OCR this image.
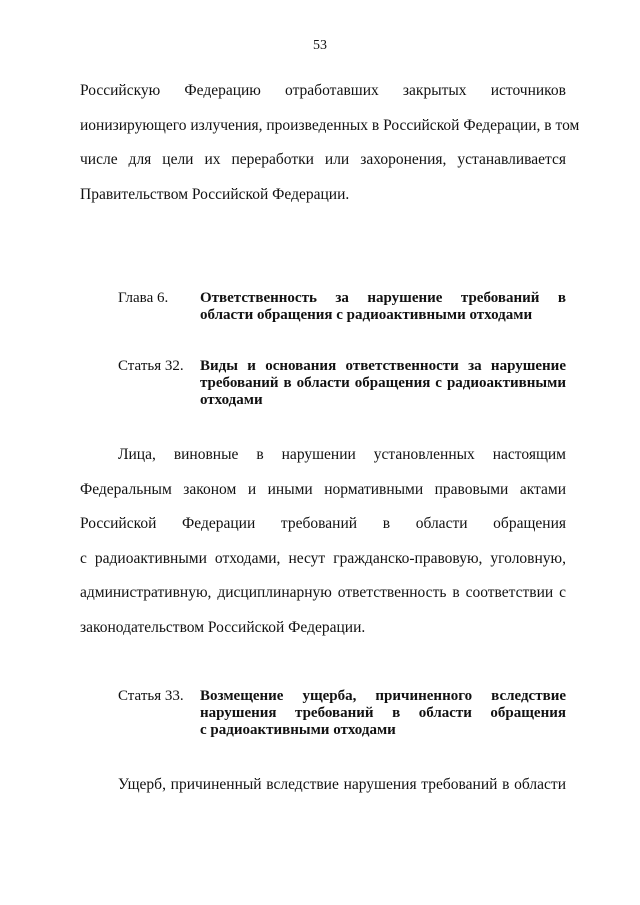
53
Российскую Федерацию отработавших закрытых источников
ионизирующего излучения, произведенных в Российской Федерации, в том
числе для цели их переработки или захоронения, устанавливается
Правительством Российской Федерации.
Глава 6. Ответственность за нарушение требований в
области обращения с радиоактивными отходами
Статья 32. Виды и основания ответственности за нарушение
требований в области обращения с радиоактивными
отходами
Лица, виновные в нарушении установленных настоящим
Федеральным законом и иными нормативными правовыми актами
Российской Федерации требований в области обращения
с радиоактивными отходами, несут гражданско-правовую, уголовную,
административную, дисциплинарную ответственность в соответствии с
законодательством Российской Федерации.
Статья 33. Возмещение ущерба, причиненного вследствие
нарушения требований в области обращения
с радиоактивными отходами
Ущерб, причиненный вследствие нарушения требований в области
